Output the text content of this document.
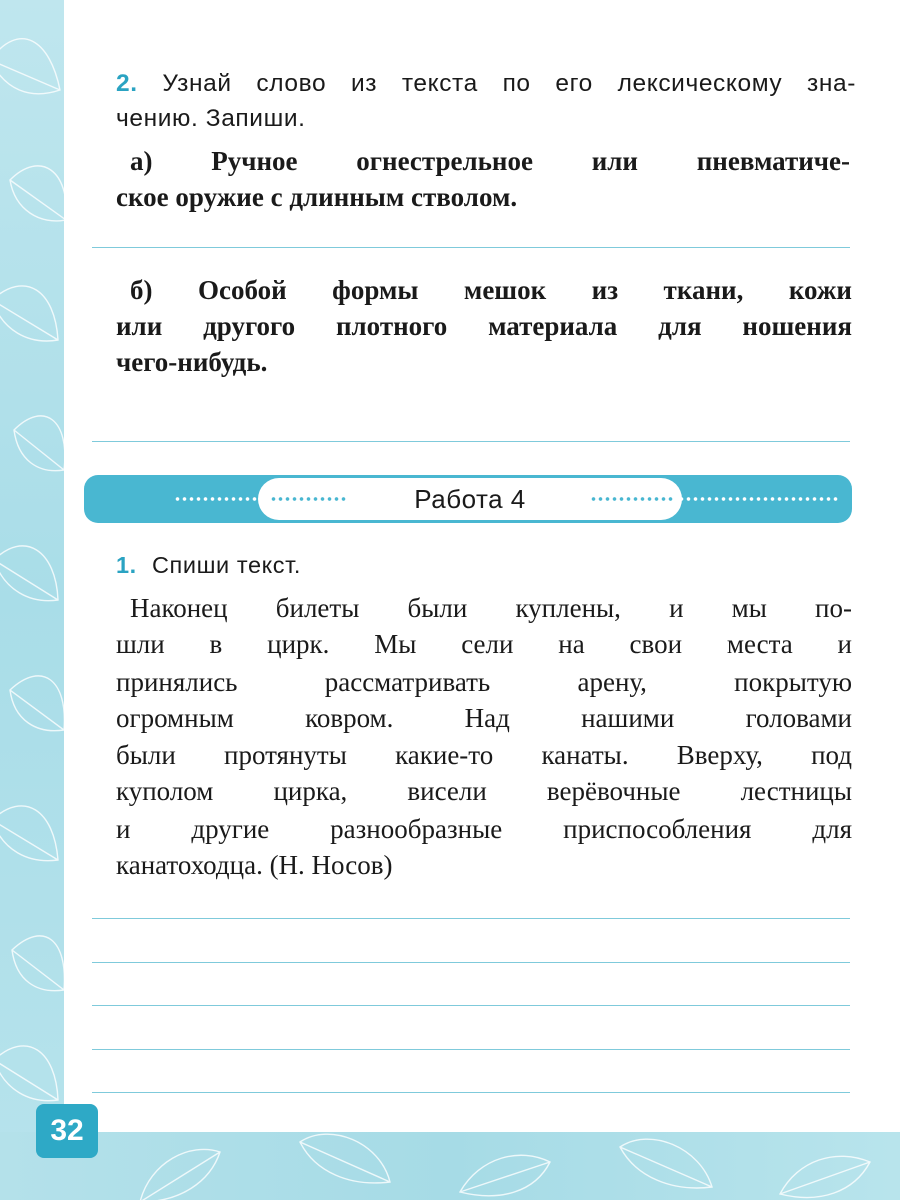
2. Узнай слово из текста по его лексическому зна-
чению. Запиши.
а) Ручное огнестрельное или пневматиче-
ское оружие с длинным стволом.
б) Особой формы мешок из ткани, кожи
или другого плотного материала для ношения
чего-нибудь.
Работа 4
1. Спиши текст.
Наконец билеты были куплены, и мы по-
шли в цирк. Мы сели на свои места и
принялись рассматривать арену, покрытую
огромным ковром. Над нашими головами
были протянуты какие-то канаты. Вверху, под
куполом цирка, висели верёвочные лестницы
и другие разнообразные приспособления для
канатоходца. (Н. Носов)
32
